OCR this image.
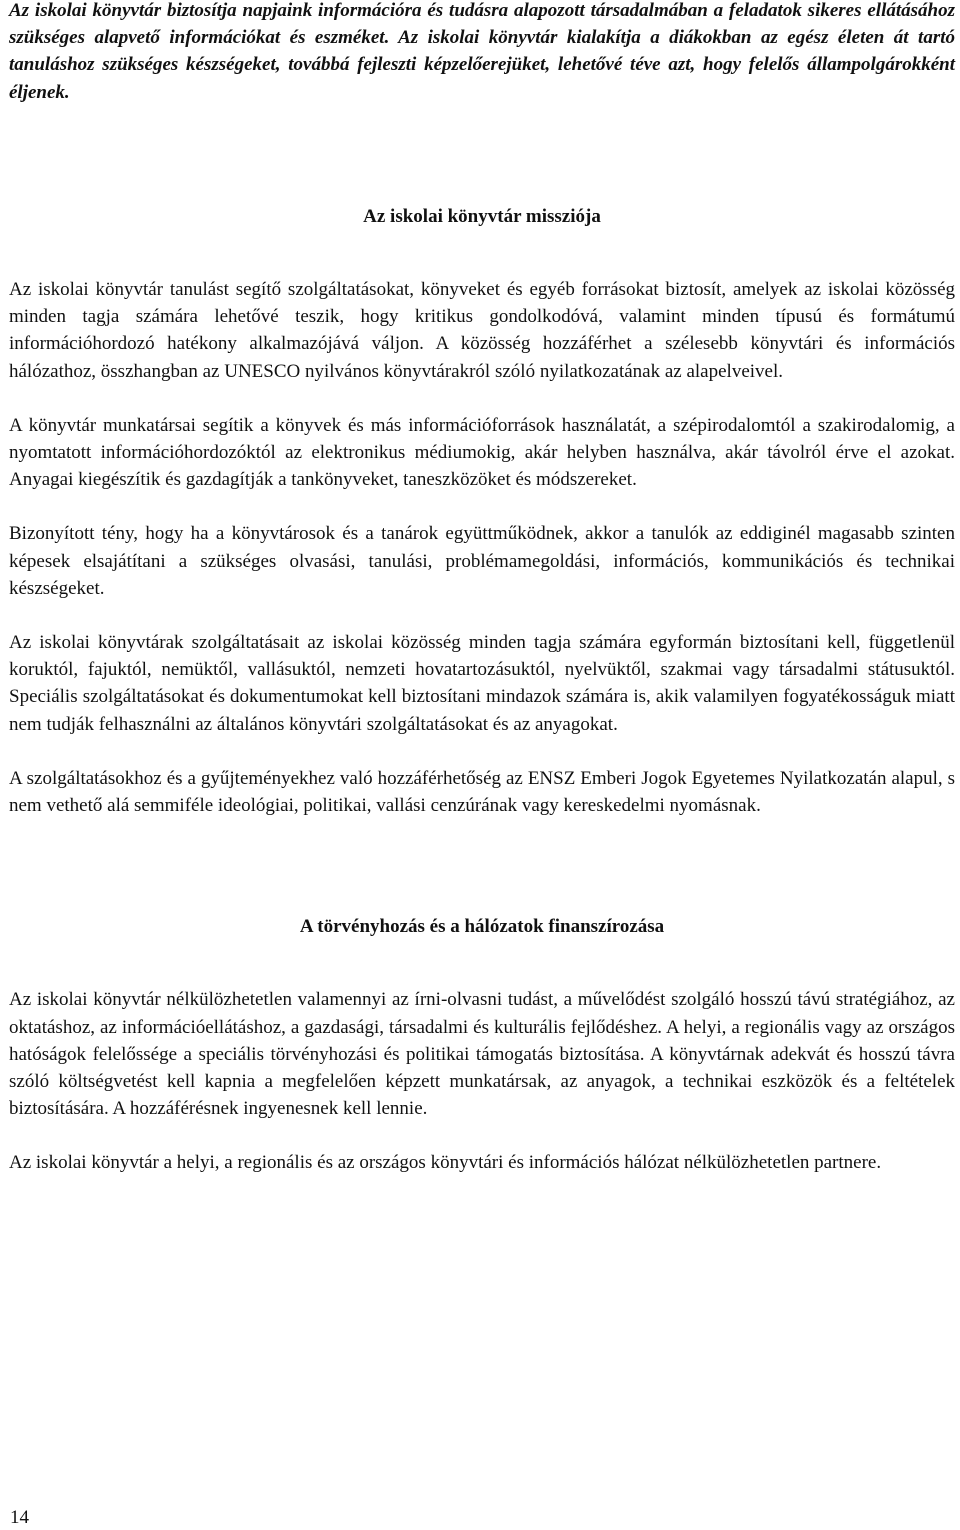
Az iskolai könyvtár biztosítja napjaink információra és tudásra alapozott társadalmában a feladatok sikeres ellátásához szükséges alapvető információkat és eszméket. Az iskolai könyvtár kialakítja a diákokban az egész életen át tartó tanuláshoz szükséges készségeket, továbbá fejleszti képzelőerejüket, lehetővé téve azt, hogy felelős állampolgárokként éljenek.

Az iskolai könyvtár missziója

Az iskolai könyvtár tanulást segítő szolgáltatásokat, könyveket és egyéb forrásokat biztosít, amelyek az iskolai közösség minden tagja számára lehetővé teszik, hogy kritikus gondolkodóvá, valamint minden típusú és formátumú információhordozó hatékony alkalmazójává váljon. A közösség hozzáférhet a szélesebb könyvtári és információs hálózathoz, összhangban az UNESCO nyilvános könyvtárakról szóló nyilatkozatának az alapelveivel.

A könyvtár munkatársai segítik a könyvek és más információforrások használatát, a szépirodalomtól a szakirodalomig, a nyomtatott információhordozóktól az elektronikus médiumokig, akár helyben használva, akár távolról érve el azokat. Anyagai kiegészítik és gazdagítják a tankönyveket, taneszközöket és módszereket.

Bizonyított tény, hogy ha a könyvtárosok és a tanárok együttműködnek, akkor a tanulók az eddiginél magasabb szinten képesek elsajátítani a szükséges olvasási, tanulási, problémamegoldási, információs, kommunikációs és technikai készségeket.

Az iskolai könyvtárak szolgáltatásait az iskolai közösség minden tagja számára egyformán biztosítani kell, függetlenül koruktól, fajuktól, nemüktől, vallásuktól, nemzeti hovatartozásuktól, nyelvüktől, szakmai vagy társadalmi státusuktól. Speciális szolgáltatásokat és dokumentumokat kell biztosítani mindazok számára is, akik valamilyen fogyatékosságuk miatt nem tudják felhasználni az általános könyvtári szolgáltatásokat és az anyagokat.

A szolgáltatásokhoz és a gyűjteményekhez való hozzáférhetőség az ENSZ Emberi Jogok Egyetemes Nyilatkozatán alapul, s nem vethető alá semmiféle ideológiai, politikai, vallási cenzúrának vagy kereskedelmi nyomásnak.

A törvényhozás és a hálózatok finanszírozása

Az iskolai könyvtár nélkülözhetetlen valamennyi az írni-olvasni tudást, a művelődést szolgáló hosszú távú stratégiához, az oktatáshoz, az információellátáshoz, a gazdasági, társadalmi és kulturális fejlődéshez. A helyi, a regionális vagy az országos hatóságok felelőssége a speciális törvényhozási és politikai támogatás biztosítása. A könyvtárnak adekvát és hosszú távra szóló költségvetést kell kapnia a megfelelően képzett munkatársak, az anyagok, a technikai eszközök és a feltételek biztosítására. A hozzáférésnek ingyenesnek kell lennie.

Az iskolai könyvtár a helyi, a regionális és az országos könyvtári és információs hálózat nélkülözhetetlen partnere.

14
